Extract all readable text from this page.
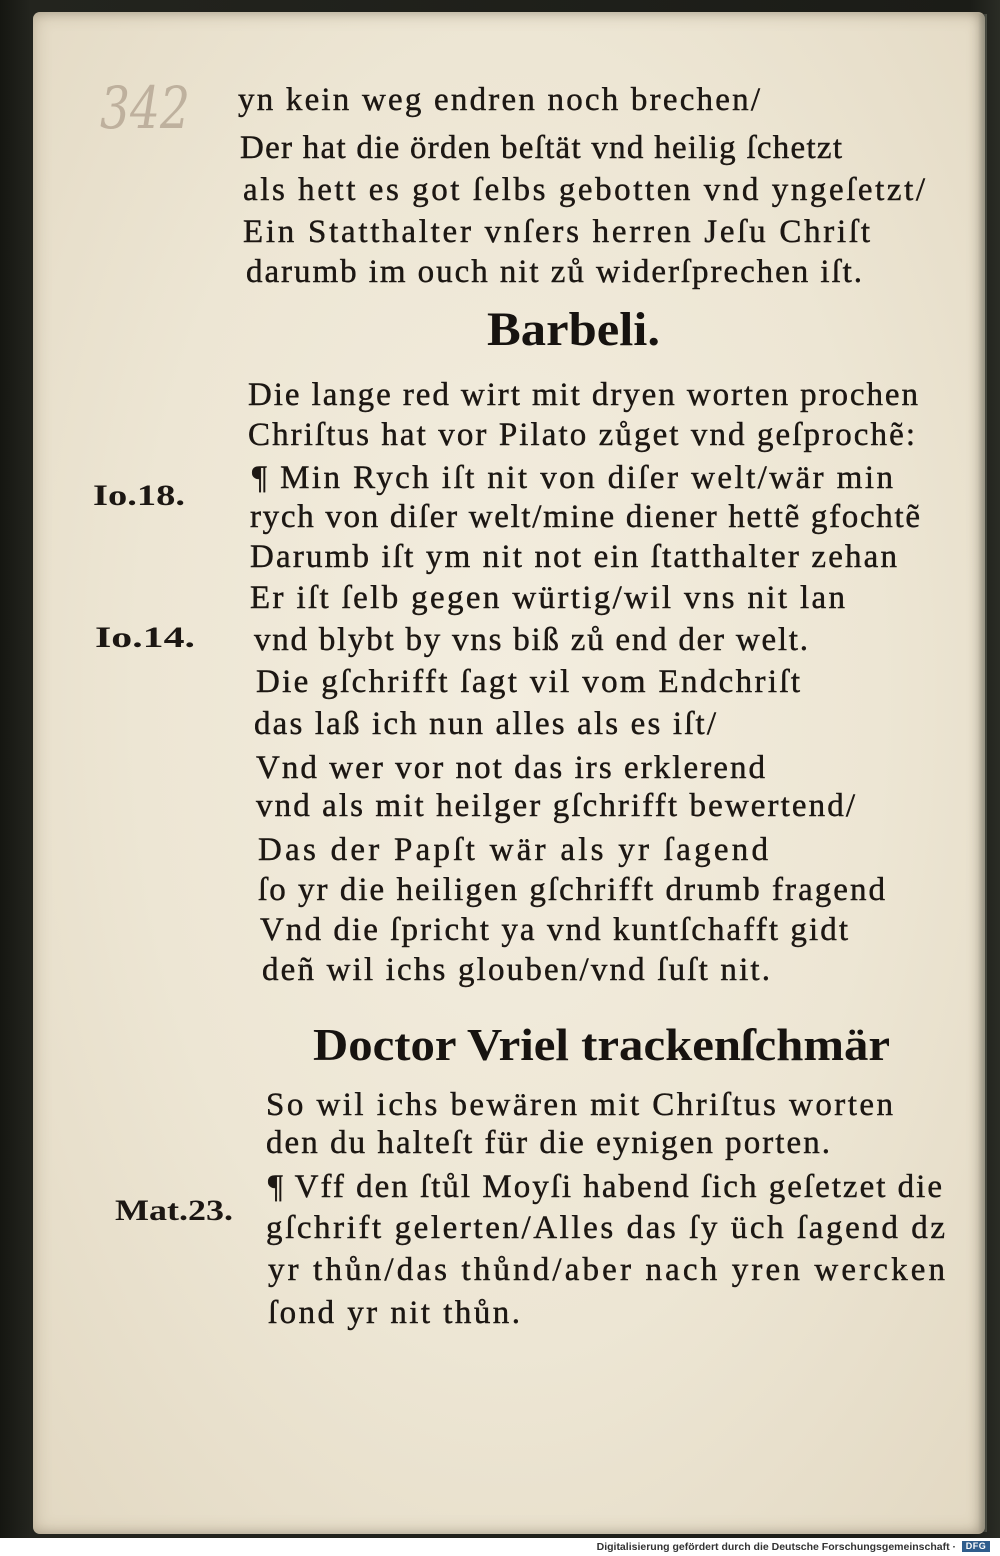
342 yn kein weg endren noch brechen/
Der hat die örden beſtät vnd heilig ſchetzt
als hett es got ſelbs gebotten vnd yngeſetzt/
Ein Statthalter vnſers herren Jeſu Chriſt
darumb im ouch nit zů widerſprechen iſt.
Barbeli.
Die lange red wirt mit dryen worten prochen
Chriſtus hat vor Pilato zůget vnd geſprochẽ:
¶ Min Rych iſt nit von diſer welt/wär min
rych von diſer welt/mine diener hettẽ gfochtẽ
Darumb iſt ym nit not ein ſtatthalter zehan
Er iſt ſelb gegen würtig/wil vns nit lan
vnd blybt by vns biß zů end der welt.
Die gſchrifft ſagt vil vom Endchriſt
das laß ich nun alles als es iſt/
Vnd wer vor not das irs erklerend
vnd als mit heilger gſchrifft bewertend/
Das der Papſt wär als yr ſagend
ſo yr die heiligen gſchrifft drumb fragend
Vnd die ſpricht ya vnd kuntſchafft gidt
deñ wil ichs glouben/vnd ſuſt nit.
Doctor Vriel trackenſchmär
So wil ichs bewären mit Chriſtus worten
den du halteſt für die eynigen porten.
¶ Vff den ſtůl Moyſi habend ſich geſetzet die
gſchrift gelerten/Alles das ſy üch ſagend dz
yr thůn/das thůnd/aber nach yren wercken
ſond yr nit thůn.
Io.18.
Io.14.
Mat.23.
Digitalisierung gefördert durch die Deutsche Forschungsgemeinschaft ·	DFG
